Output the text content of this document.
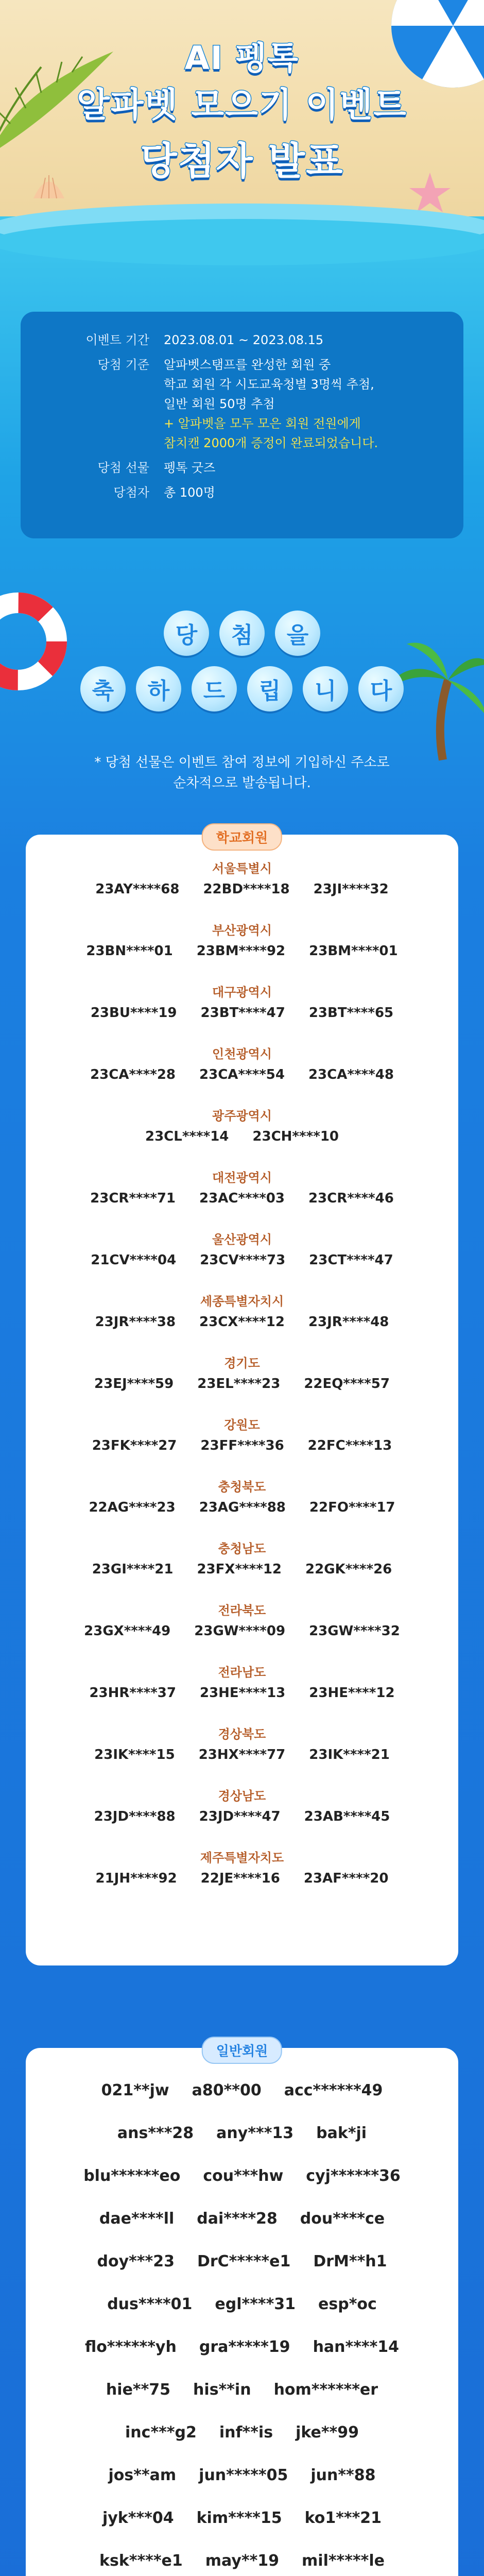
AI 펭톡
알파벳 모으기 이벤트
당첨자 발표
이벤트 기간	2023.08.01 ~ 2023.08.15
당첨 기준	알파벳스탬프를 완성한 회원 중
학교 회원 각 시도교육청별 3명씩 추첨,
일반 회원 50명 추첨
+ 알파벳을 모두 모은 회원 전원에게
참치캔 2000개 증정이 완료되었습니다.
당첨 선물	펭톡 굿즈
당첨자	총 100명
당	첨	을
축	하	드	립	니	다
* 당첨 선물은 이벤트 참여 정보에 기입하신 주소로
순차적으로 발송됩니다.
학교회원
서울특별시
23AY****68 22BD****18 23JI****32
부산광역시
23BN****01 23BM****92 23BM****01
대구광역시
23BU****19 23BT****47 23BT****65
인천광역시
23CA****28 23CA****54 23CA****48
광주광역시
23CL****14 23CH****10
대전광역시
23CR****71 23AC****03 23CR****46
울산광역시
21CV****04 23CV****73 23CT****47
세종특별자치시
23JR****38 23CX****12 23JR****48
경기도
23EJ****59 23EL****23 22EQ****57
강원도
23FK****27 23FF****36 22FC****13
충청북도
22AG****23 23AG****88 22FO****17
충청남도
23GI****21 23FX****12 22GK****26
전라북도
23GX****49 23GW****09 23GW****32
전라남도
23HR****37 23HE****13 23HE****12
경상북도
23IK****15 23HX****77 23IK****21
경상남도
23JD****88 23JD****47 23AB****45
제주특별자치도
21JH****92 22JE****16 23AF****20
일반회원
021**jw a80**00 acc******49
ans***28 any***13 bak*ji
blu******eo cou***hw cyj******36
dae****ll dai****28 dou****ce
doy***23 DrC*****e1 DrM**h1
dus****01 egl****31 esp*oc
flo******yh gra*****19 han****14
hie**75 his**in hom******er
inc***g2 inf**is jke**99
jos**am jun*****05 jun**88
jyk***04 kim****15 ko1***21
ksk****e1 may**19 mil*****le
